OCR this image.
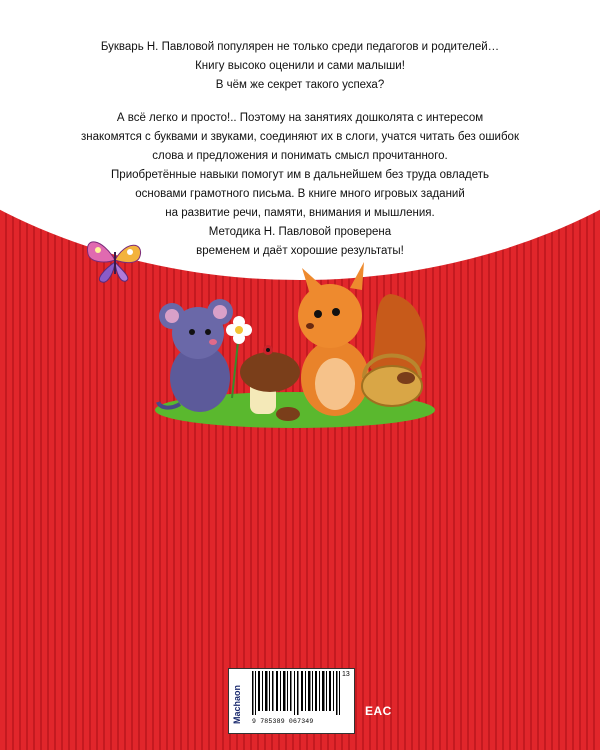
Букварь Н. Павловой популярен не только среди педагогов и родителей…

Книгу высоко оценили и сами малыши!

В чём же секрет такого успеха?

А всё легко и просто!.. Поэтому на занятиях дошколята с интересом

знакомятся с буквами и звуками, соединяют их в слоги, учатся читать без ошибок

слова и предложения и понимать смысл прочитанного.

Приобретённые навыки помогут им в дальнейшем без труда овладеть

основами грамотного письма. В книге много игровых заданий

на развитие речи, памяти, внимания и мышления.

Методика Н. Павловой проверена

временем и даёт хорошие результаты!

Machaon	9 785389 067349
13
EAC
